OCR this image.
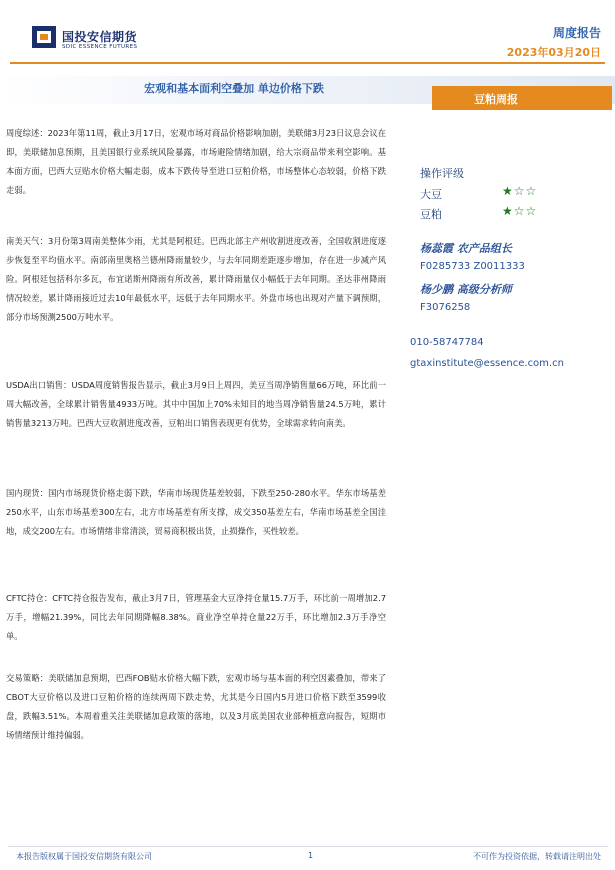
国投安信期货
SDIC ESSENCE FUTURES
周度报告
2023年03月20日
宏观和基本面利空叠加 单边价格下跌
豆粕周报
周度综述：2023年第11周，截止3月17日，宏观市场对商品价格影响加剧，美联储3月23日议息会议在即，美联储加息预期，且美国银行业系统风险暴露，市场避险情绪加剧，给大宗商品带来利空影响。基本面方面，巴西大豆贴水价格大幅走弱，成本下跌传导至进口豆粕价格，市场整体心态较弱，价格下跌走弱。
南美天气：3月份第3周南美整体少雨，尤其是阿根廷。巴西北部主产州收割进度改善，全国收割进度逐步恢复至平均值水平。南部南里奥格兰德州降雨量较少，与去年同期差距逐步增加，存在进一步减产风险。阿根廷包括科尔多瓦，布宜诺斯州降雨有所改善，累计降雨量仅小幅低于去年同期。圣达菲州降雨情况较差，累计降雨接近过去10年最低水平，远低于去年同期水平。外盘市场也出现对产量下调预期，部分市场预测2500万吨水平。
USDA出口销售：USDA周度销售报告显示，截止3月9日上周四，美豆当周净销售量66万吨，环比前一周大幅改善，全球累计销售量4933万吨。其中中国加上70%未知目的地当周净销售量24.5万吨，累计销售量3213万吨。巴西大豆收割进度改善，豆粕出口销售表现更有优势，全球需求转向南美。
国内现货：国内市场现货价格走弱下跌，华南市场现货基差较弱，下跌至250-280水平。华东市场基差250水平，山东市场基差300左右，北方市场基差有所支撑，成交350基差左右，华南市场基差全国洼地，成交200左右。市场情绪非常清淡，贸易商积极出货，止损操作，买性较差。
CFTC持仓：CFTC持仓报告发布，截止3月7日，管理基金大豆净持仓量15.7万手，环比前一周增加2.7万手，增幅21.39%，同比去年同期降幅8.38%。商业净空单持仓量22万手，环比增加2.3万手净空单。
交易策略：美联储加息预期，巴西FOB贴水价格大幅下跌，宏观市场与基本面的利空因素叠加，带来了CBOT大豆价格以及进口豆粕价格的连续两周下跌走势，尤其是今日国内5月进口价格下跌至3599收盘，跌幅3.51%。本周着重关注美联储加息政策的落地，以及3月底美国农业部种植意向报告，短期市场情绪预计维持偏弱。
操作评级
大豆	★☆☆
豆粕	★☆☆
杨蕊霞 农产品组长
F0285733 Z0011333
杨少鹏 高级分析师
F3076258
010-58747784
gtaxinstitute@essence.com.cn
本报告版权属于国投安信期货有限公司	1	不可作为投资依据，转载请注明出处
